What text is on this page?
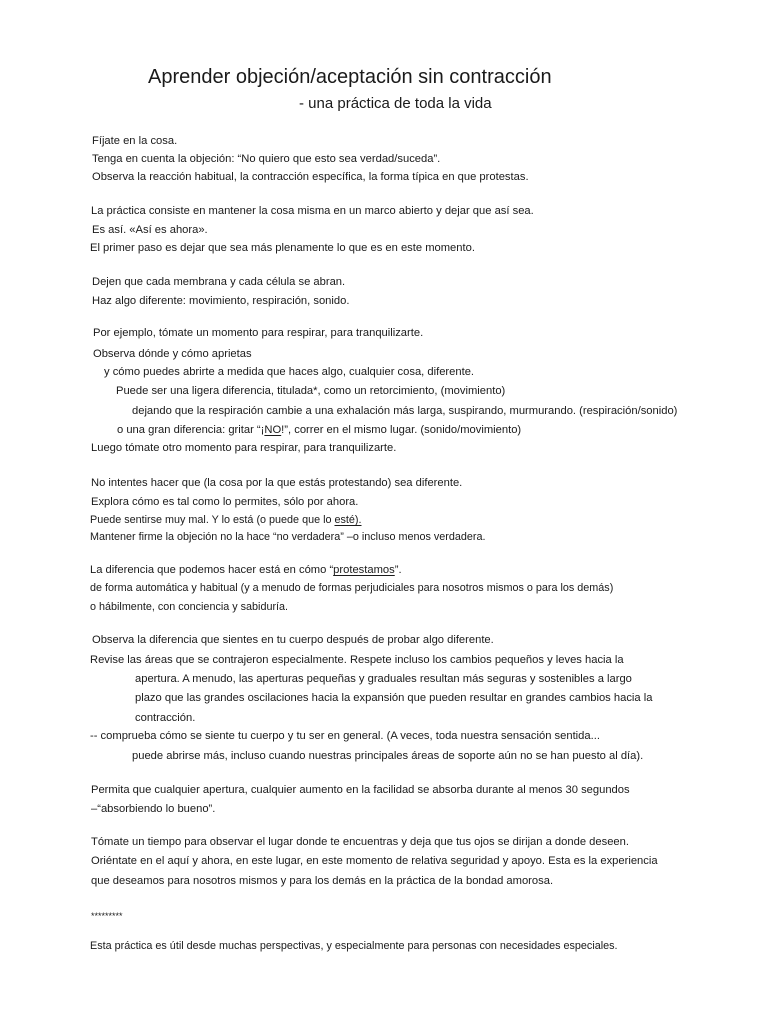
Aprender objeción/aceptación sin contracción
- una práctica de toda la vida
Fíjate en la cosa.
Tenga en cuenta la objeción: “No quiero que esto sea verdad/suceda”.
Observa la reacción habitual, la contracción específica, la forma típica en que protestas.
La práctica consiste en mantener la cosa misma en un marco abierto y dejar que así sea.
Es así. «Así es ahora».
El primer paso es dejar que sea más plenamente lo que es en este momento.
Dejen que cada membrana y cada célula se abran.
Haz algo diferente: movimiento, respiración, sonido.
Por ejemplo, tómate un momento para respirar, para tranquilizarte.
Observa dónde y cómo aprietas
y cómo puedes abrirte a medida que haces algo, cualquier cosa, diferente.
Puede ser una ligera diferencia, titulada*, como un retorcimiento, (movimiento)
dejando que la respiración cambie a una exhalación más larga, suspirando, murmurando. (respiración/sonido)
o una gran diferencia: gritar “¡NO!”, correr en el mismo lugar. (sonido/movimiento)
Luego tómate otro momento para respirar, para tranquilizarte.
No intentes hacer que (la cosa por la que estás protestando) sea diferente.
Explora cómo es tal como lo permites, sólo por ahora.
Puede sentirse muy mal. Y lo está (o puede que lo esté).
Mantener firme la objeción no la hace “no verdadera” –o incluso menos verdadera.
La diferencia que podemos hacer está en cómo “protestamos”.
de forma automática y habitual (y a menudo de formas perjudiciales para nosotros mismos o para los demás)
o hábilmente, con conciencia y sabiduría.
Observa la diferencia que sientes en tu cuerpo después de probar algo diferente.
Revise las áreas que se contrajeron especialmente. Respete incluso los cambios pequeños y leves hacia la
apertura. A menudo, las aperturas pequeñas y graduales resultan más seguras y sostenibles a largo
plazo que las grandes oscilaciones hacia la expansión que pueden resultar en grandes cambios hacia la
contracción.
-- comprueba cómo se siente tu cuerpo y tu ser en general. (A veces, toda nuestra sensación sentida...
puede abrirse más, incluso cuando nuestras principales áreas de soporte aún no se han puesto al día).
Permita que cualquier apertura, cualquier aumento en la facilidad se absorba durante al menos 30 segundos
–“absorbiendo lo bueno”.
Tómate un tiempo para observar el lugar donde te encuentras y deja que tus ojos se dirijan a donde deseen.
Oriéntate en el aquí y ahora, en este lugar, en este momento de relativa seguridad y apoyo. Esta es la experiencia
que deseamos para nosotros mismos y para los demás en la práctica de la bondad amorosa.
*********
Esta práctica es útil desde muchas perspectivas, y especialmente para personas con necesidades especiales.
